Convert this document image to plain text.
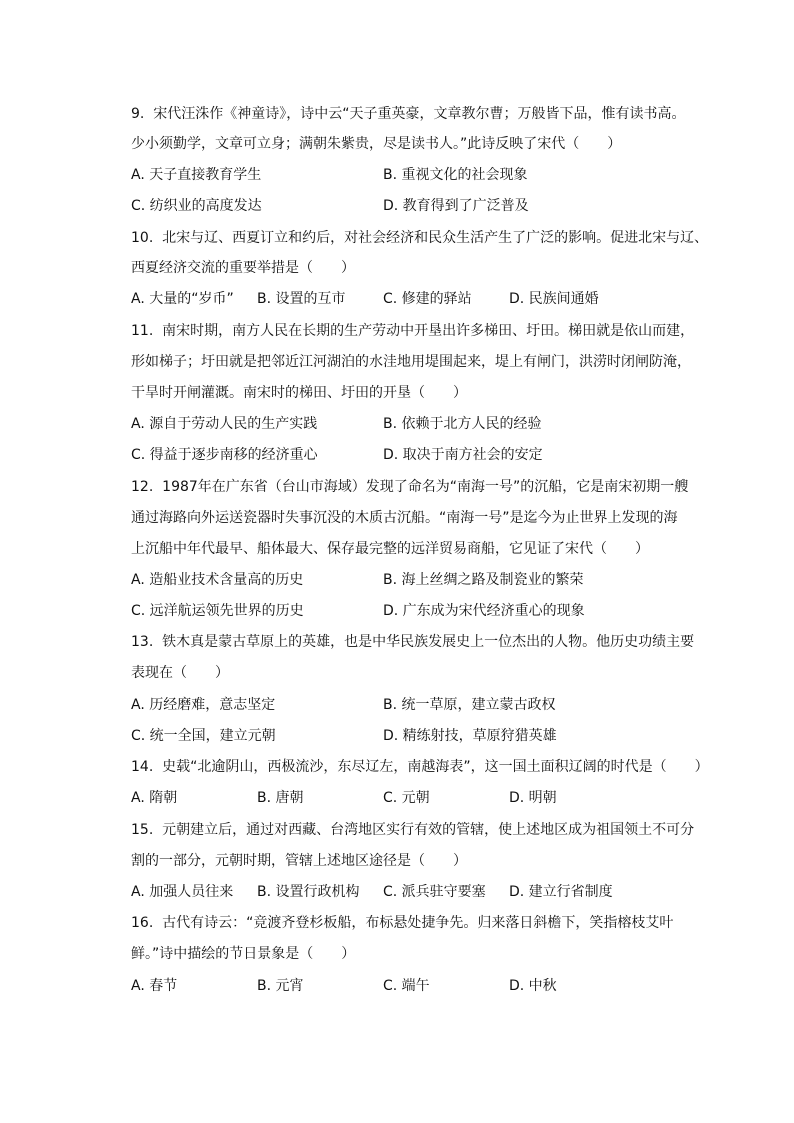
9. 宋代汪洙作《神童诗》，诗中云“天子重英豪，文章教尔曹；万般皆下品，惟有读书高。
少小须勤学，文章可立身；满朝朱紫贵，尽是读书人。”此诗反映了宋代（　　）
A. 天子直接教育学生	B. 重视文化的社会现象
C. 纺织业的高度发达	D. 教育得到了广泛普及
10. 北宋与辽、西夏订立和约后，对社会经济和民众生活产生了广泛的影响。促进北宋与辽、
西夏经济交流的重要举措是（　　）
A. 大量的“岁币” B. 设置的互市	C. 修建的驿站	D. 民族间通婚
11. 南宋时期，南方人民在长期的生产劳动中开垦出许多梯田、圩田。梯田就是依山而建，
形如梯子；圩田就是把邻近江河湖泊的水洼地用堤围起来，堤上有闸门，洪涝时闭闸防淹，
干旱时开闸灌溉。南宋时的梯田、圩田的开垦（　　）
A. 源自于劳动人民的生产实践	B. 依赖于北方人民的经验
C. 得益于逐步南移的经济重心	D. 取决于南方社会的安定
12. 1987年在广东省（台山市海域）发现了命名为“南海一号”的沉船，它是南宋初期一艘
通过海路向外运送瓷器时失事沉没的木质古沉船。“南海一号”是迄今为止世界上发现的海
上沉船中年代最早、船体最大、保存最完整的远洋贸易商船，它见证了宋代（　　）
A. 造船业技术含量高的历史	B. 海上丝绸之路及制瓷业的繁荣
C. 远洋航运领先世界的历史	D. 广东成为宋代经济重心的现象
13. 铁木真是蒙古草原上的英雄，也是中华民族发展史上一位杰出的人物。他历史功绩主要
表现在（　　）
A. 历经磨难，意志坚定	B. 统一草原，建立蒙古政权
C. 统一全国，建立元朝	D. 精练射技，草原狩猎英雄
14. 史载“北逾阴山，西极流沙，东尽辽左，南越海表”，这一国土面积辽阔的时代是（　　）
A. 隋朝	B. 唐朝	C. 元朝	D. 明朝
15. 元朝建立后，通过对西藏、台湾地区实行有效的管辖，使上述地区成为祖国领土不可分
割的一部分，元朝时期，管辖上述地区途径是（　　）
A. 加强人员往来 B. 设置行政机构 C. 派兵驻守要塞 D. 建立行省制度
16. 古代有诗云：“竞渡齐登杉板船，布标悬处捷争先。归来落日斜檐下，笑指榕枝艾叶
鲜。”诗中描绘的节日景象是（　　）
A. 春节	B. 元宵	C. 端午	D. 中秋
